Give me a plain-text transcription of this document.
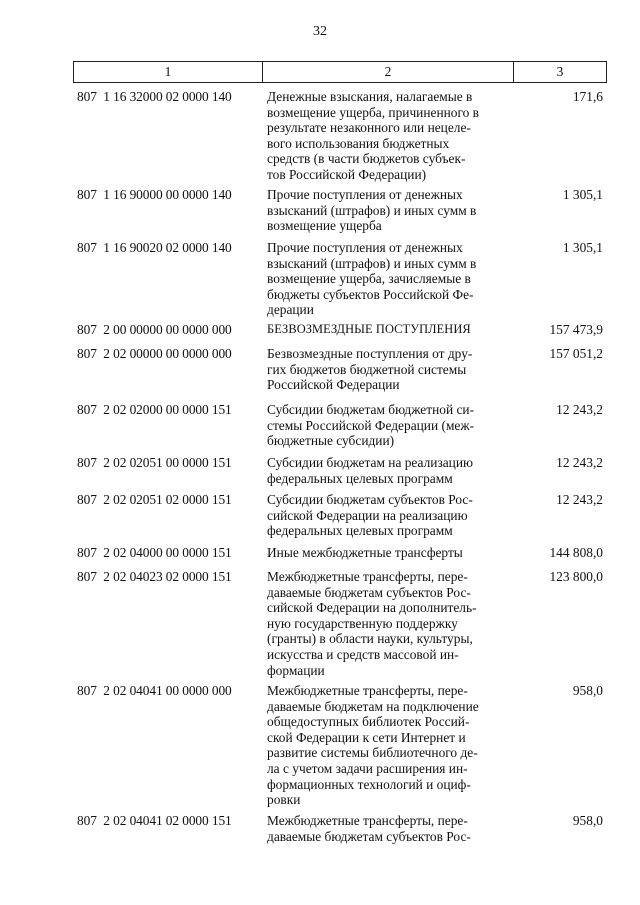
32
1	2	3
807  1 16 32000 02 0000 140	Денежные взыскания, налагаемые в
возмещение ущерба, причиненного в
результате незаконного или нецеле-
вого использования бюджетных
средств (в части бюджетов субъек-
тов Российской Федерации)
171,6
807  1 16 90000 00 0000 140	Прочие поступления от денежных
взысканий (штрафов) и иных сумм в
возмещение ущерба
1 305,1
807  1 16 90020 02 0000 140	Прочие поступления от денежных
взысканий (штрафов) и иных сумм в
возмещение ущерба, зачисляемые в
бюджеты субъектов Российской Фе-
дерации
1 305,1
807  2 00 00000 00 0000 000	БЕЗВОЗМЕЗДНЫЕ ПОСТУПЛЕНИЯ	157 473,9
807  2 02 00000 00 0000 000	Безвозмездные поступления от дру-
гих бюджетов бюджетной системы
Российской Федерации
157 051,2
807  2 02 02000 00 0000 151	Субсидии бюджетам бюджетной си-
стемы Российской Федерации (меж-
бюджетные субсидии)
12 243,2
807  2 02 02051 00 0000 151	Субсидии бюджетам на реализацию
федеральных целевых программ
12 243,2
807  2 02 02051 02 0000 151	Субсидии бюджетам субъектов Рос-
сийской Федерации на реализацию
федеральных целевых программ
12 243,2
807  2 02 04000 00 0000 151	Иные межбюджетные трансферты	144 808,0
807  2 02 04023 02 0000 151	Межбюджетные трансферты, пере-
даваемые бюджетам субъектов Рос-
сийской Федерации на дополнитель-
ную государственную поддержку
(гранты) в области науки, культуры,
искусства и средств массовой ин-
формации
123 800,0
807  2 02 04041 00 0000 000	Межбюджетные трансферты, пере-
даваемые бюджетам на подключение
общедоступных библиотек Россий-
ской Федерации к сети Интернет и
развитие системы библиотечного де-
ла с учетом задачи расширения ин-
формационных технологий и оциф-
ровки
958,0
807  2 02 04041 02 0000 151	Межбюджетные трансферты, пере-
даваемые бюджетам субъектов Рос-
958,0
